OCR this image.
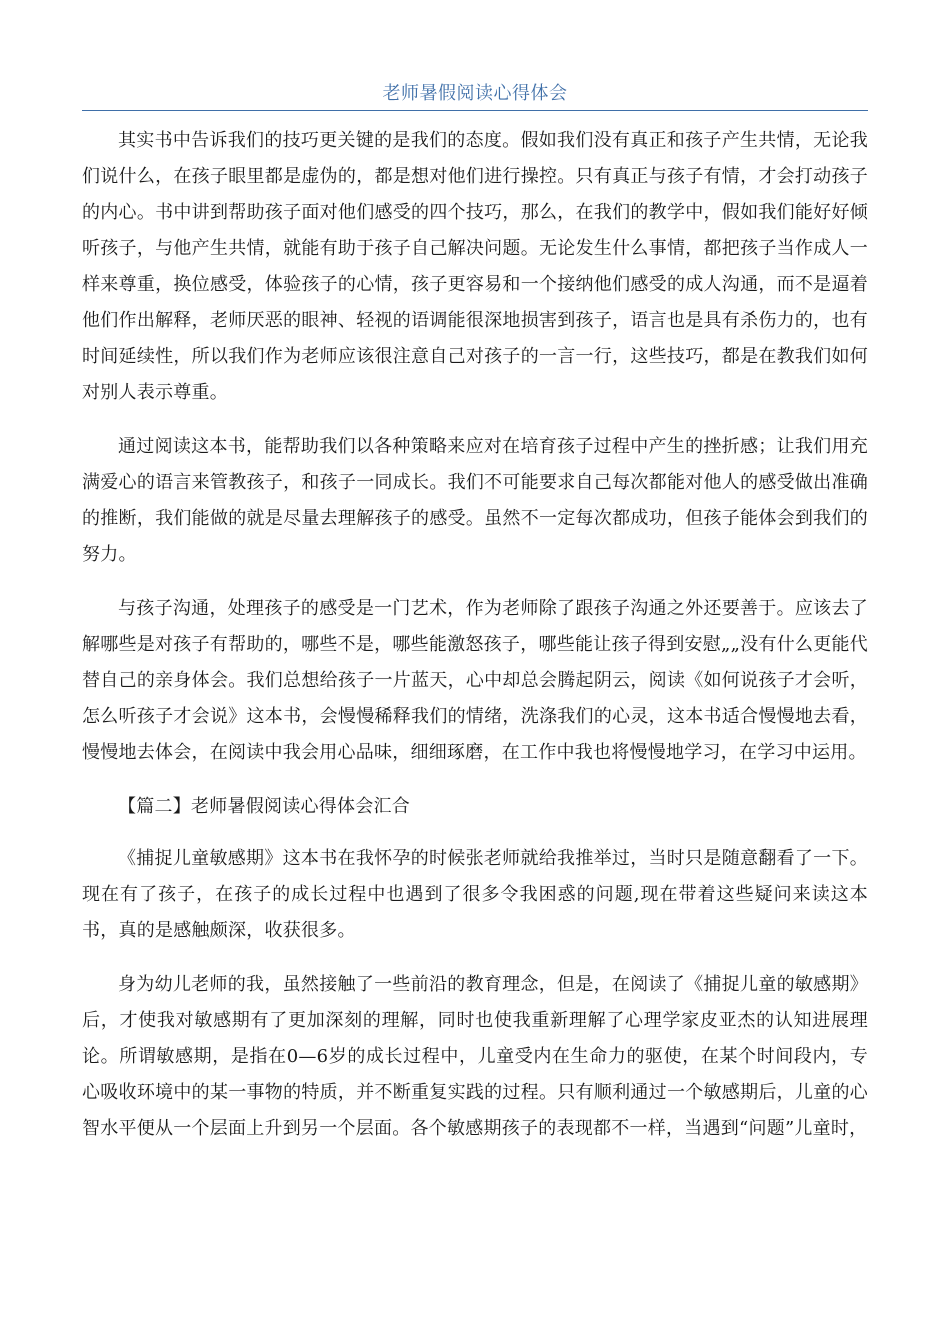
老师暑假阅读心得体会

其实书中告诉我们的技巧更关键的是我们的态度。假如我们没有真正和孩子产生共情，无论我们说什么，在孩子眼里都是虚伪的，都是想对他们进行操控。只有真正与孩子有情，才会打动孩子的内心。书中讲到帮助孩子面对他们感受的四个技巧，那么，在我们的教学中，假如我们能好好倾听孩子，与他产生共情，就能有助于孩子自己解决问题。无论发生什么事情，都把孩子当作成人一样来尊重，换位感受，体验孩子的心情，孩子更容易和一个接纳他们感受的成人沟通，而不是逼着他们作出解释，老师厌恶的眼神、轻视的语调能很深地损害到孩子，语言也是具有杀伤力的，也有时间延续性，所以我们作为老师应该很注意自己对孩子的一言一行，这些技巧，都是在教我们如何对别人表示尊重。

通过阅读这本书，能帮助我们以各种策略来应对在培育孩子过程中产生的挫折感；让我们用充满爱心的语言来管教孩子，和孩子一同成长。我们不可能要求自己每次都能对他人的感受做出准确的推断，我们能做的就是尽量去理解孩子的感受。虽然不一定每次都成功，但孩子能体会到我们的努力。

与孩子沟通，处理孩子的感受是一门艺术，作为老师除了跟孩子沟通之外还要善于。应该去了解哪些是对孩子有帮助的，哪些不是，哪些能激怒孩子，哪些能让孩子得到安慰„„没有什么更能代替自己的亲身体会。我们总想给孩子一片蓝天，心中却总会腾起阴云，阅读《如何说孩子才会听，怎么听孩子才会说》这本书，会慢慢稀释我们的情绪，洗涤我们的心灵，这本书适合慢慢地去看，慢慢地去体会，在阅读中我会用心品味，细细琢磨，在工作中我也将慢慢地学习，在学习中运用。

【篇二】老师暑假阅读心得体会汇合

《捕捉儿童敏感期》这本书在我怀孕的时候张老师就给我推举过，当时只是随意翻看了一下。现在有了孩子，在孩子的成长过程中也遇到了很多令我困惑的问题,现在带着这些疑问来读这本书，真的是感触颇深，收获很多。

身为幼儿老师的我，虽然接触了一些前沿的教育理念，但是，在阅读了《捕捉儿童的敏感期》后，才使我对敏感期有了更加深刻的理解，同时也使我重新理解了心理学家皮亚杰的认知进展理论。所谓敏感期，是指在0—6岁的成长过程中，儿童受内在生命力的驱使，在某个时间段内，专心吸收环境中的某一事物的特质，并不断重复实践的过程。只有顺利通过一个敏感期后，儿童的心智水平便从一个层面上升到另一个层面。各个敏感期孩子的表现都不一样，当遇到“问题”儿童时，
